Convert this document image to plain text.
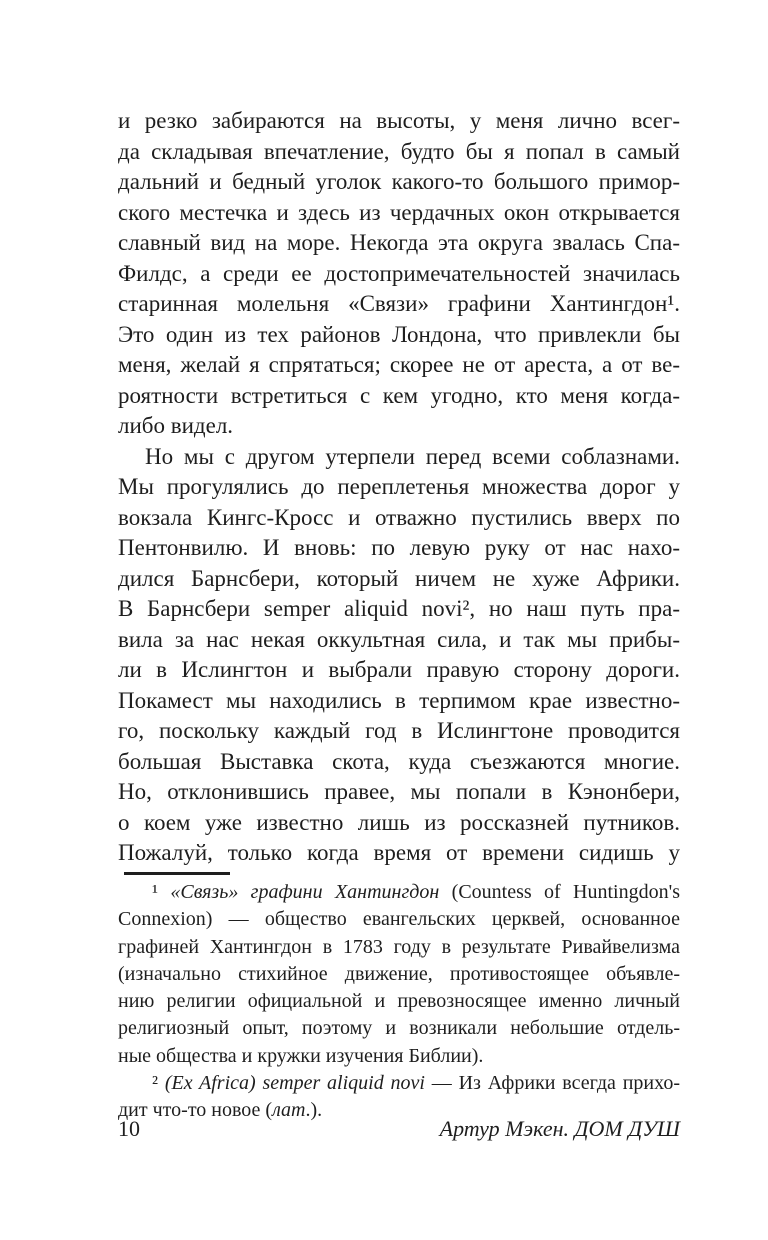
и резко забираются на высоты, у меня лично всег-
да складывая впечатление, будто бы я попал в самый
дальний и бедный уголок какого-то большого примор-
ского местечка и здесь из чердачных окон открывается
славный вид на море. Некогда эта округа звалась Спа-
Филдс, а среди ее достопримечательностей значилась
старинная молельня «Связи» графини Хантингдон¹.
Это один из тех районов Лондона, что привлекли бы
меня, желай я спрятаться; скорее не от ареста, а от ве-
роятности встретиться с кем угодно, кто меня когда-
либо видел.
Но мы с другом утерпели перед всеми соблазнами.
Мы прогулялись до переплетенья множества дорог у
вокзала Кингс-Кросс и отважно пустились вверх по
Пентонвилю. И вновь: по левую руку от нас нахо-
дился Барнсбери, который ничем не хуже Африки.
В Барнсбери semper aliquid novi², но наш путь пра-
вила за нас некая оккультная сила, и так мы прибы-
ли в Ислингтон и выбрали правую сторону дороги.
Покамест мы находились в терпимом крае известно-
го, поскольку каждый год в Ислингтоне проводится
большая Выставка скота, куда съезжаются многие.
Но, отклонившись правее, мы попали в Кэнонбери,
о коем уже известно лишь из россказней путников.
Пожалуй, только когда время от времени сидишь у
¹ «Связь» графини Хантингдон (Countess of Huntingdon's
Connexion) — общество евангельских церквей, основанное
графиней Хантингдон в 1783 году в результате Ривайвелизма
(изначально стихийное движение, противостоящее объявле-
нию религии официальной и превозносящее именно личный
религиозный опыт, поэтому и возникали небольшие отдель-
ные общества и кружки изучения Библии).
² (Ex Africa) semper aliquid novi — Из Африки всегда прихо-
дит что-то новое (лат.).
10	Артур Мэкен. ДОМ ДУШ
